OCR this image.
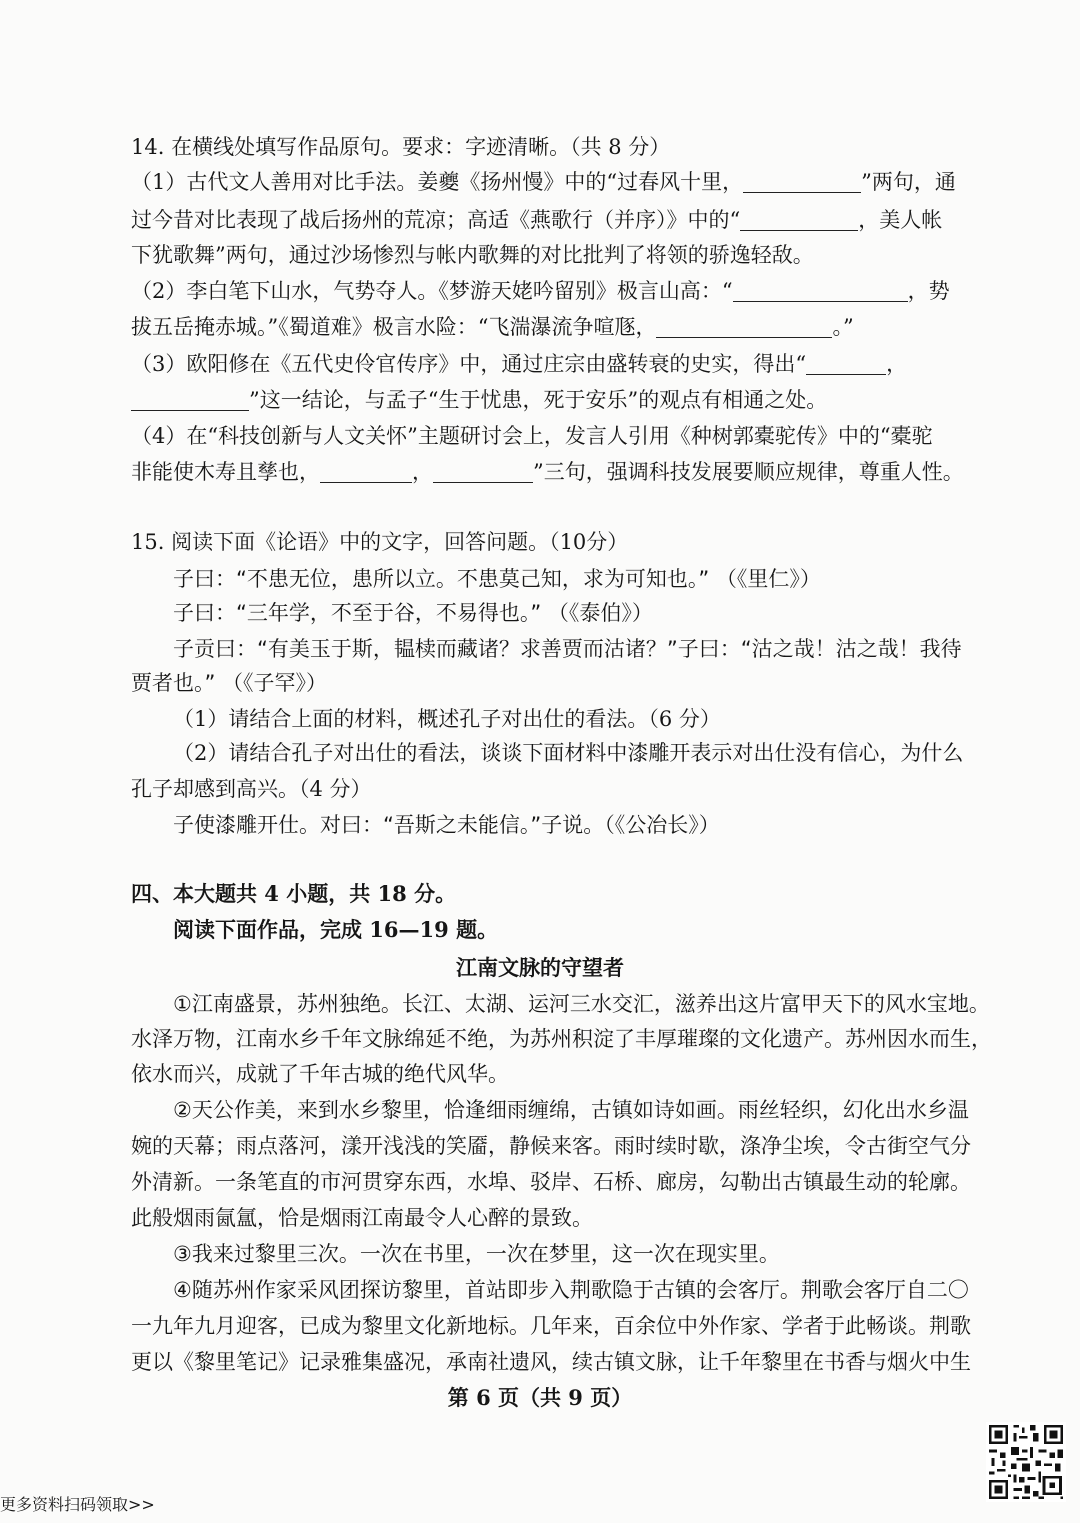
14. 在横线处填写作品原句。要求：字迹清晰。（共 8 分）
（1）古代文人善用对比手法。姜夔《扬州慢》中的“过春风十里，	”两句，通
过今昔对比表现了战后扬州的荒凉；高适《燕歌行（并序）》中的“	，美人帐
下犹歌舞”两句，通过沙场惨烈与帐内歌舞的对比批判了将领的骄逸轻敌。
（2）李白笔下山水，气势夺人。《梦游天姥吟留别》极言山高：“	，势
拔五岳掩赤城。”《蜀道难》极言水险：“飞湍瀑流争喧豗，	。”
（3）欧阳修在《五代史伶官传序》中，通过庄宗由盛转衰的史实，得出“	，
”这一结论，与孟子“生于忧患，死于安乐”的观点有相通之处。
（4）在“科技创新与人文关怀”主题研讨会上，发言人引用《种树郭橐驼传》中的“橐驼
非能使木寿且孳也，	，	”三句，强调科技发展要顺应规律，尊重人性。
15. 阅读下面《论语》中的文字，回答问题。（10分）
子曰：“不患无位，患所以立。不患莫己知，求为可知也。” （《里仁》）
子曰：“三年学，不至于谷，不易得也。” （《泰伯》）
子贡曰：“有美玉于斯，韫椟而藏诸？求善贾而沽诸？”子曰：“沽之哉！沽之哉！我待
贾者也。” （《子罕》）
（1）请结合上面的材料，概述孔子对出仕的看法。（6 分）
（2）请结合孔子对出仕的看法，谈谈下面材料中漆雕开表示对出仕没有信心，为什么
孔子却感到高兴。（4 分）
子使漆雕开仕。对曰：“吾斯之未能信。”子说。（《公冶长》）
四、本大题共 4 小题，共 18 分。
阅读下面作品，完成 16—19 题。
江南文脉的守望者
①江南盛景，苏州独绝。长江、太湖、运河三水交汇，滋养出这片富甲天下的风水宝地。
水泽万物，江南水乡千年文脉绵延不绝，为苏州积淀了丰厚璀璨的文化遗产。苏州因水而生，
依水而兴，成就了千年古城的绝代风华。
②天公作美，来到水乡黎里，恰逢细雨缠绵，古镇如诗如画。雨丝轻织，幻化出水乡温
婉的天幕；雨点落河，漾开浅浅的笑靥，静候来客。雨时续时歇，涤净尘埃，令古街空气分
外清新。一条笔直的市河贯穿东西，水埠、驳岸、石桥、廊房，勾勒出古镇最生动的轮廓。
此般烟雨氤氲，恰是烟雨江南最令人心醉的景致。
③我来过黎里三次。一次在书里，一次在梦里，这一次在现实里。
④随苏州作家采风团探访黎里，首站即步入荆歌隐于古镇的会客厅。荆歌会客厅自二〇
一九年九月迎客，已成为黎里文化新地标。几年来，百余位中外作家、学者于此畅谈。荆歌
更以《黎里笔记》记录雅集盛况，承南社遗风，续古镇文脉，让千年黎里在书香与烟火中生
第 6 页（共 9 页）
更多资料扫码领取>>
